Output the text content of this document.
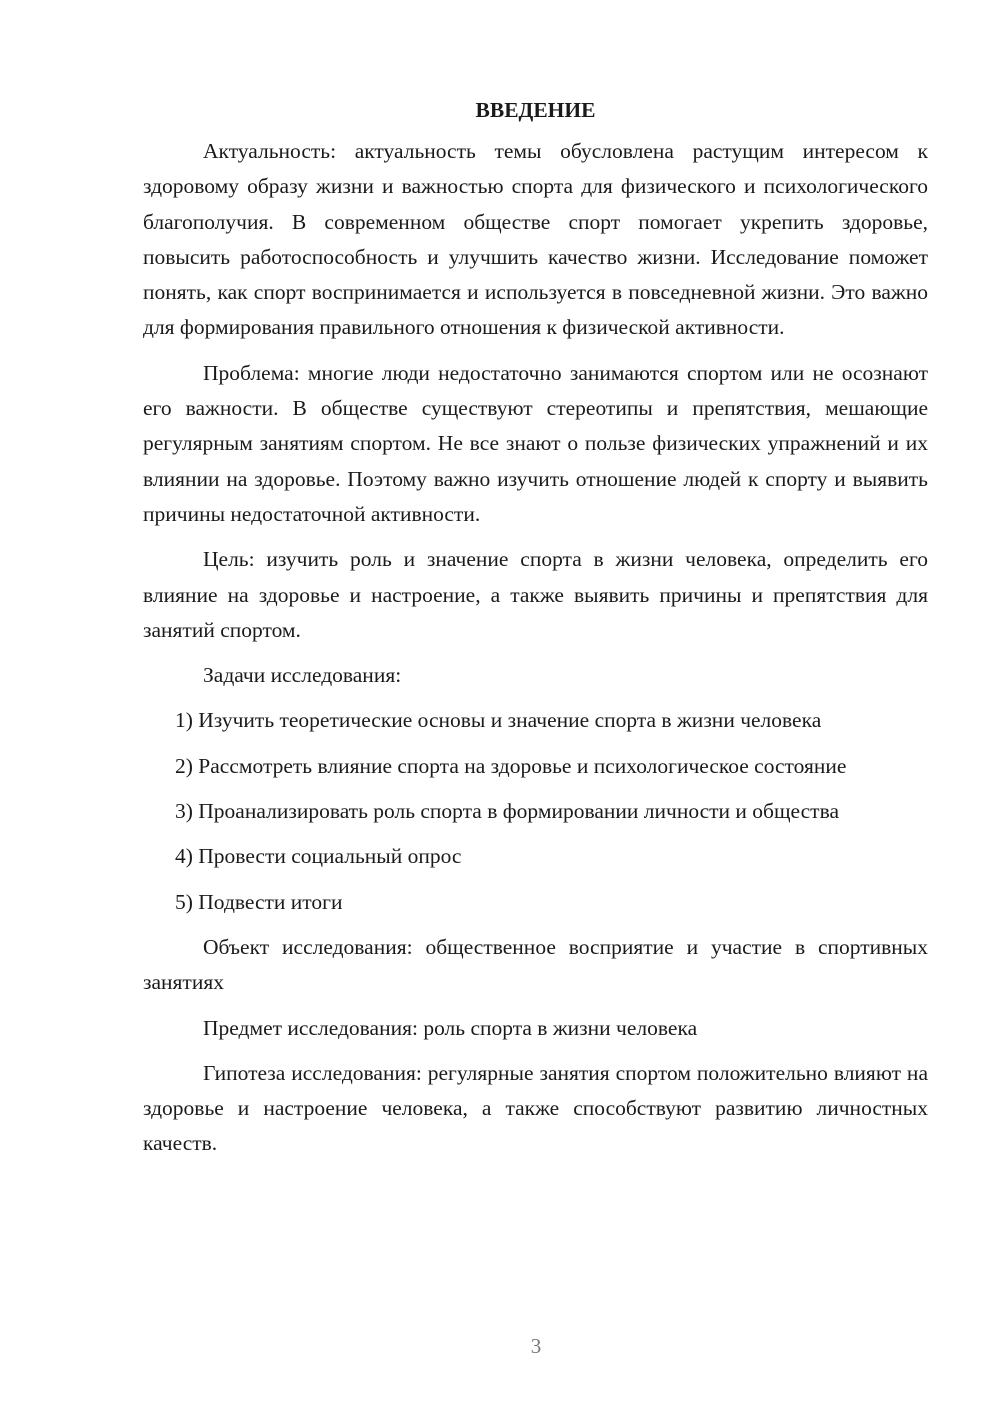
ВВЕДЕНИЕ

Актуальность: актуальность темы обусловлена растущим интересом к здоровому образу жизни и важностью спорта для физического и психологического благополучия. В современном обществе спорт помогает укрепить здоровье, повысить работоспособность и улучшить качество жизни. Исследование поможет понять, как спорт воспринимается и используется в повседневной жизни. Это важно для формирования правильного отношения к физической активности.

Проблема: многие люди недостаточно занимаются спортом или не осознают его важности. В обществе существуют стереотипы и препятствия, мешающие регулярным занятиям спортом. Не все знают о пользе физических упражнений и их влиянии на здоровье. Поэтому важно изучить отношение людей к спорту и выявить причины недостаточной активности.

Цель: изучить роль и значение спорта в жизни человека, определить его влияние на здоровье и настроение, а также выявить причины и препятствия для занятий спортом.

Задачи исследования:

1) Изучить теоретические основы и значение спорта в жизни человека

2) Рассмотреть влияние спорта на здоровье и психологическое состояние

3) Проанализировать роль спорта в формировании личности и общества

4) Провести социальный опрос

5) Подвести итоги

Объект исследования: общественное восприятие и участие в спортивных занятиях

Предмет исследования: роль спорта в жизни человека

Гипотеза исследования: регулярные занятия спортом положительно влияют на здоровье и настроение человека, а также способствуют развитию личностных качеств.

3
